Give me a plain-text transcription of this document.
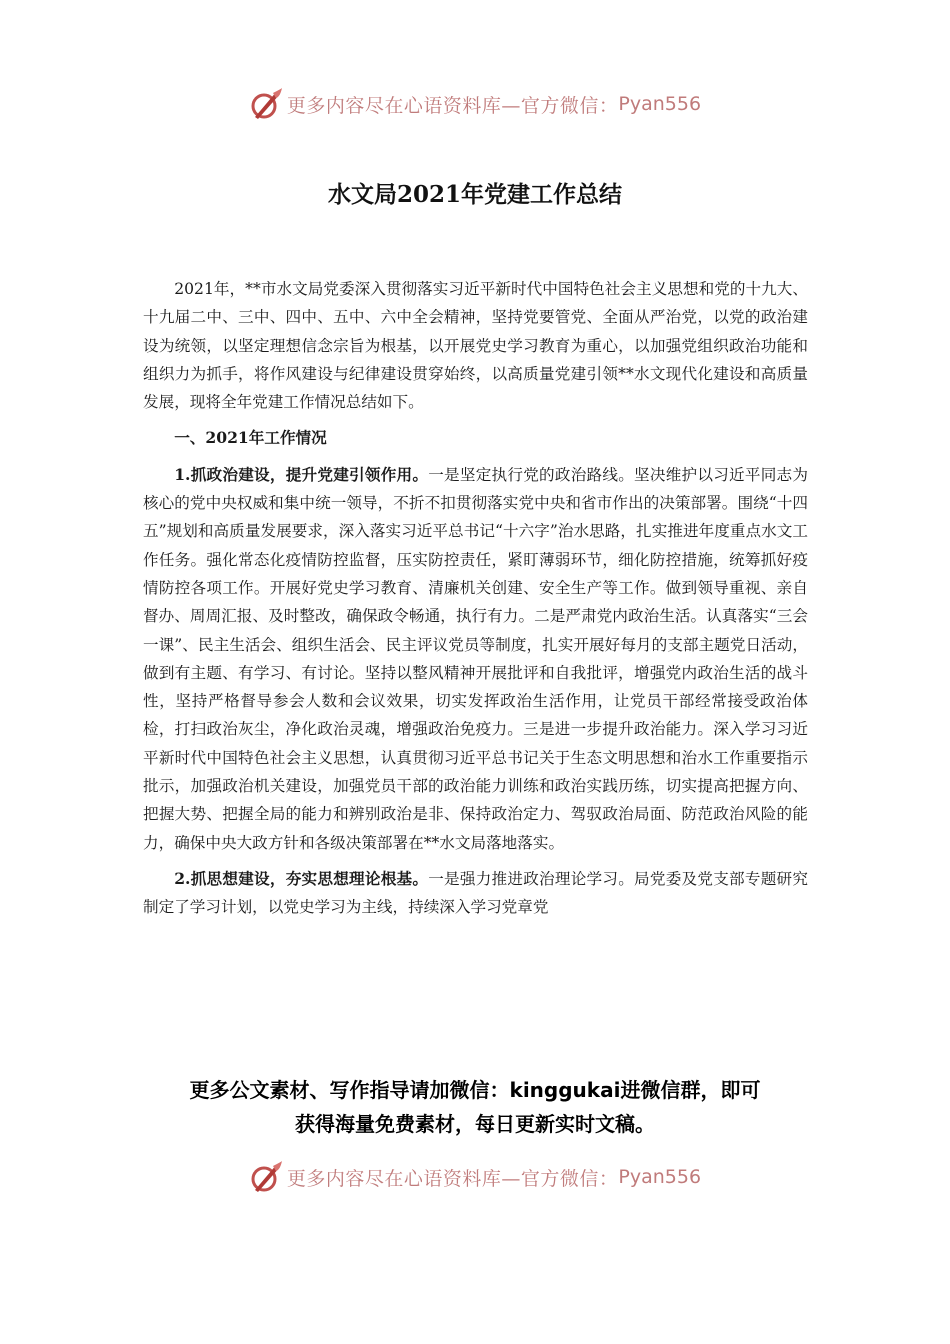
更多内容尽在心语资料库—官方微信： Pyan556
水文局2021年党建工作总结

2021年，**市水文局党委深入贯彻落实习近平新时代中国特色社会主义思想和党的十九大、十九届二中、三中、四中、五中、六中全会精神，坚持党要管党、全面从严治党，以党的政治建设为统领，以坚定理想信念宗旨为根基，以开展党史学习教育为重心，以加强党组织政治功能和组织力为抓手，将作风建设与纪律建设贯穿始终，以高质量党建引领**水文现代化建设和高质量发展，现将全年党建工作情况总结如下。

一、2021年工作情况

1.抓政治建设，提升党建引领作用。一是坚定执行党的政治路线。坚决维护以习近平同志为核心的党中央权威和集中统一领导，不折不扣贯彻落实党中央和省市作出的决策部署。围绕“十四五”规划和高质量发展要求，深入落实习近平总书记“十六字”治水思路，扎实推进年度重点水文工作任务。强化常态化疫情防控监督，压实防控责任，紧盯薄弱环节，细化防控措施，统筹抓好疫情防控各项工作。开展好党史学习教育、清廉机关创建、安全生产等工作。做到领导重视、亲自督办、周周汇报、及时整改，确保政令畅通，执行有力。二是严肃党内政治生活。认真落实“三会一课”、民主生活会、组织生活会、民主评议党员等制度，扎实开展好每月的支部主题党日活动，做到有主题、有学习、有讨论。坚持以整风精神开展批评和自我批评，增强党内政治生活的战斗性，坚持严格督导参会人数和会议效果，切实发挥政治生活作用，让党员干部经常接受政治体检，打扫政治灰尘，净化政治灵魂，增强政治免疫力。三是进一步提升政治能力。深入学习习近平新时代中国特色社会主义思想，认真贯彻习近平总书记关于生态文明思想和治水工作重要指示批示，加强政治机关建设，加强党员干部的政治能力训练和政治实践历练，切实提高把握方向、把握大势、把握全局的能力和辨别政治是非、保持政治定力、驾驭政治局面、防范政治风险的能力，确保中央大政方针和各级决策部署在**水文局落地落实。

2.抓思想建设，夯实思想理论根基。一是强力推进政治理论学习。局党委及党支部专题研究制定了学习计划，以党史学习为主线，持续深入学习党章党

更多公文素材、写作指导请加微信：kinggukai进微信群，即可
获得海量免费素材，每日更新实时文稿。
更多内容尽在心语资料库—官方微信： Pyan556
